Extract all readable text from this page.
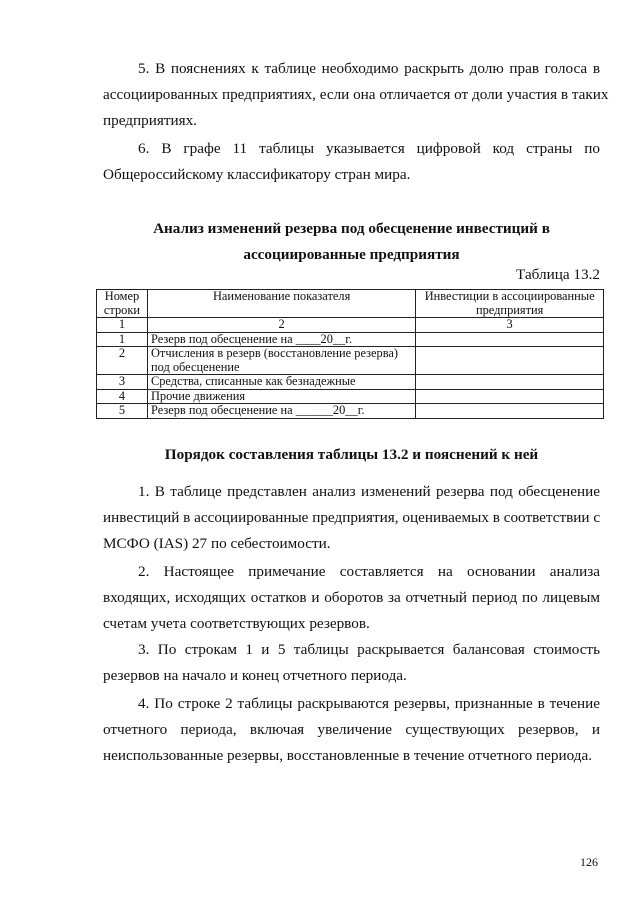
5. В пояснениях к таблице необходимо раскрыть долю прав голоса в
ассоциированных предприятиях, если она отличается от доли участия в таких
предприятиях.
6. В графе 11 таблицы указывается цифровой код страны по
Общероссийскому классификатору стран мира.
Анализ изменений резерва под обесценение инвестиций в
ассоциированные предприятия
Таблица 13.2
Номер строки	Наименование показателя	Инвестиции в ассоциированные предприятия
1	2	3
1	Резерв под обесценение на ____20__г.	
2	Отчисления в резерв (восстановление резерва) под обесценение	
3	Средства, списанные как безнадежные	
4	Прочие движения	
5	Резерв под обесценение на ______20__г.	
Порядок составления таблицы 13.2 и пояснений к ней
1. В таблице представлен анализ изменений резерва под обесценение
инвестиций в ассоциированные предприятия, оцениваемых в соответствии с
МСФО (IAS) 27 по себестоимости.
2. Настоящее примечание составляется на основании анализа
входящих, исходящих остатков и оборотов за отчетный период по лицевым
счетам учета соответствующих резервов.
3. По строкам 1 и 5 таблицы раскрывается балансовая стоимость
резервов на начало и конец отчетного периода.
4. По строке 2 таблицы раскрываются резервы, признанные в течение
отчетного периода, включая увеличение существующих резервов, и
неиспользованные резервы, восстановленные в течение отчетного периода.
126
